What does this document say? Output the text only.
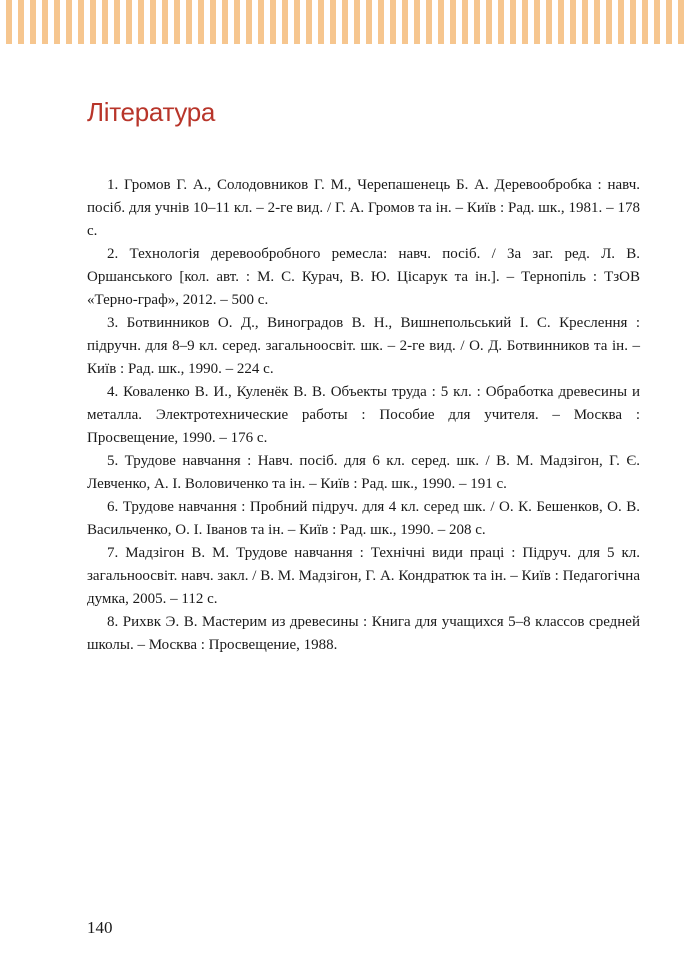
Література
1. Громов Г. А., Солодовников Г. М., Черепашенець Б. А. Деревообробка : навч. посіб. для учнів 10–11 кл. – 2-ге вид. / Г. А. Громов та ін. – Київ : Рад. шк., 1981. – 178 с.
2. Технологія деревообробного ремесла: навч. посіб. / За заг. ред. Л. В. Оршанського [кол. авт. : М. С. Курач, В. Ю. Цісарук та ін.]. – Тернопіль : ТзОВ «Терно-граф», 2012. – 500 с.
3. Ботвинников О. Д., Виноградов В. Н., Вишнепольський І. С. Креслення : підручн. для 8–9 кл. серед. загальноосвіт. шк. – 2-ге вид. / О. Д. Ботвинников та ін. – Київ : Рад. шк., 1990. – 224 с.
4. Коваленко В. И., Куленёк В. В. Объекты труда : 5 кл. : Обработка древесины и металла. Электротехнические работы : Пособие для учителя. – Москва : Просвещение, 1990. – 176 с.
5. Трудове навчання : Навч. посіб. для 6 кл. серед. шк. / В. М. Мадзігон, Г. Є. Левченко, А. І. Воловиченко та ін. – Київ : Рад. шк., 1990. – 191 с.
6. Трудове навчання : Пробний підруч. для 4 кл. серед шк. / О. К. Бешенков, О. В. Васильченко, О. І. Іванов та ін. – Київ : Рад. шк., 1990. – 208 с.
7. Мадзігон В. М. Трудове навчання : Технічні види праці : Підруч. для 5 кл. загальноосвіт. навч. закл. / В. М. Мадзігон, Г. А. Кондратюк та ін. – Київ : Педагогічна думка, 2005. – 112 с.
8. Рихвк Э. В. Мастерим из древесины : Книга для учащихся 5–8 классов средней школы. – Москва : Просвещение, 1988.
140
